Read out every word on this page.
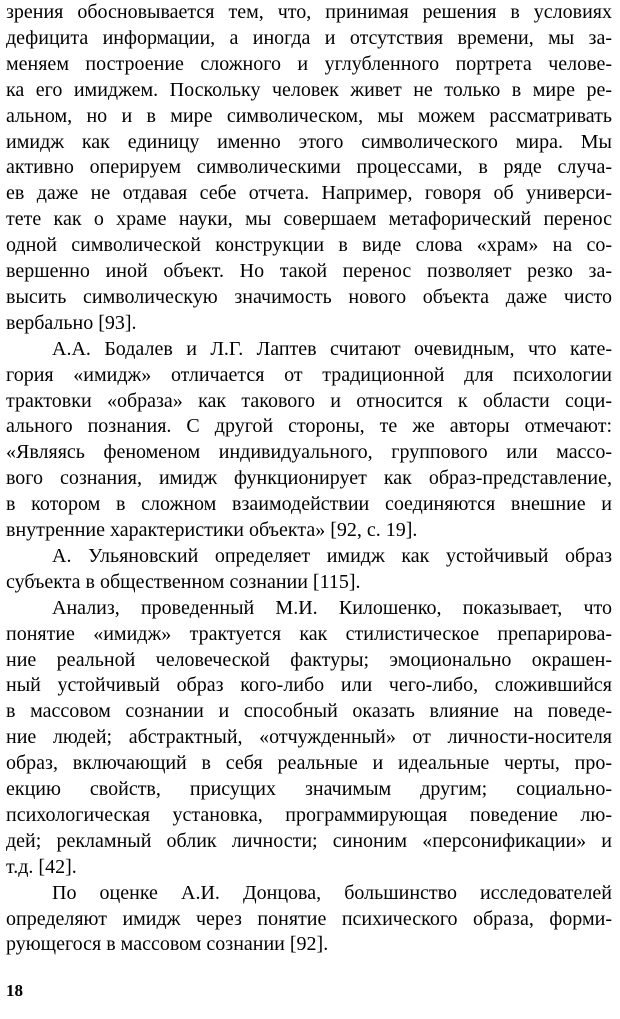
зрения обосновывается тем, что, принимая решения в условиях
дефицита информации, а иногда и отсутствия времени, мы за-
меняем построение сложного и углубленного портрета челове-
ка его имиджем. Поскольку человек живет не только в мире ре-
альном, но и в мире символическом, мы можем рассматривать
имидж как единицу именно этого символического мира. Мы
активно оперируем символическими процессами, в ряде случа-
ев даже не отдавая себе отчета. Например, говоря об универси-
тете как о храме науки, мы совершаем метафорический перенос
одной символической конструкции в виде слова «храм» на со-
вершенно иной объект. Но такой перенос позволяет резко за-
высить символическую значимость нового объекта даже чисто
вербально [93].
А.А. Бодалев и Л.Г. Лаптев считают очевидным, что кате-
гория «имидж» отличается от традиционной для психологии
трактовки «образа» как такового и относится к области соци-
ального познания. С другой стороны, те же авторы отмечают:
«Являясь феноменом индивидуального, группового или массо-
вого сознания, имидж функционирует как образ-представление,
в котором в сложном взаимодействии соединяются внешние и
внутренние характеристики объекта» [92, с. 19].
А. Ульяновский определяет имидж как устойчивый образ
субъекта в общественном сознании [115].
Анализ, проведенный М.И. Килошенко, показывает, что
понятие «имидж» трактуется как стилистическое препарирова-
ние реальной человеческой фактуры; эмоционально окрашен-
ный устойчивый образ кого-либо или чего-либо, сложившийся
в массовом сознании и способный оказать влияние на поведе-
ние людей; абстрактный, «отчужденный» от личности-носителя
образ, включающий в себя реальные и идеальные черты, про-
екцию свойств, присущих значимым другим; социально-
психологическая установка, программирующая поведение лю-
дей; рекламный облик личности; синоним «персонификации» и
т.д. [42].
По оценке А.И. Донцова, большинство исследователей
определяют имидж через понятие психического образа, форми-
рующегося в массовом сознании [92].
18
